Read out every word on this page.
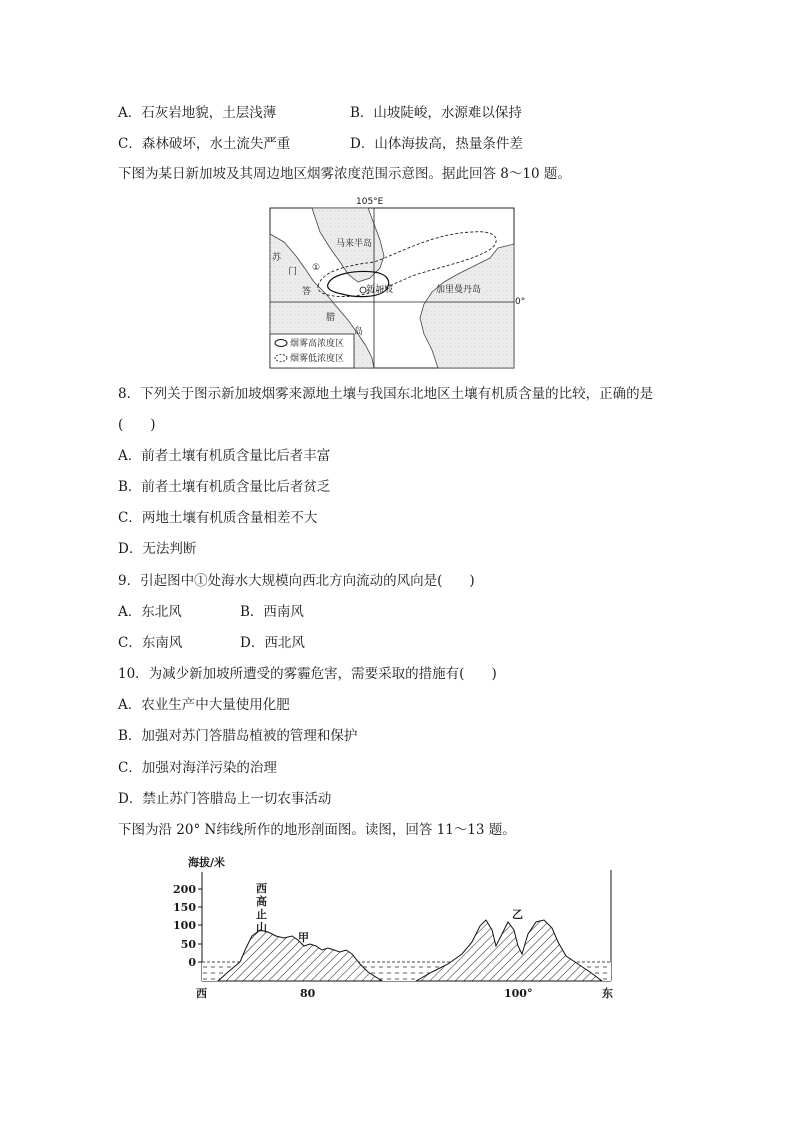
A．石灰岩地貌，土层浅薄	B．山坡陡峻，水源难以保持
C．森林破坏，水土流失严重	D．山体海拔高，热量条件差
下图为某日新加坡及其周边地区烟雾浓度范围示意图。据此回答 8～10 题。
105°E
0°
马来半岛
苏
门
答
腊
岛
新加坡	加里曼丹岛
①
烟雾高浓度区
烟雾低浓度区
8．下列关于图示新加坡烟雾来源地土壤与我国东北地区土壤有机质含量的比较，正确的是
(　　)
A．前者土壤有机质含量比后者丰富
B．前者土壤有机质含量比后者贫乏
C．两地土壤有机质含量相差不大
D．无法判断
9．引起图中①处海水大规模向西北方向流动的风向是(　　)
A．东北风	B．西南风
C．东南风	D．西北风
10．为减少新加坡所遭受的雾霾危害，需要采取的措施有(　　)
A．农业生产中大量使用化肥
B．加强对苏门答腊岛植被的管理和保护
C．加强对海洋污染的治理
D．禁止苏门答腊岛上一切农事活动
下图为沿 20° N纬线所作的地形剖面图。读图，回答 11～13 题。
海拔/米
200
150
100
50
0
西	东
80	100°
西
高
止
山
甲
乙
